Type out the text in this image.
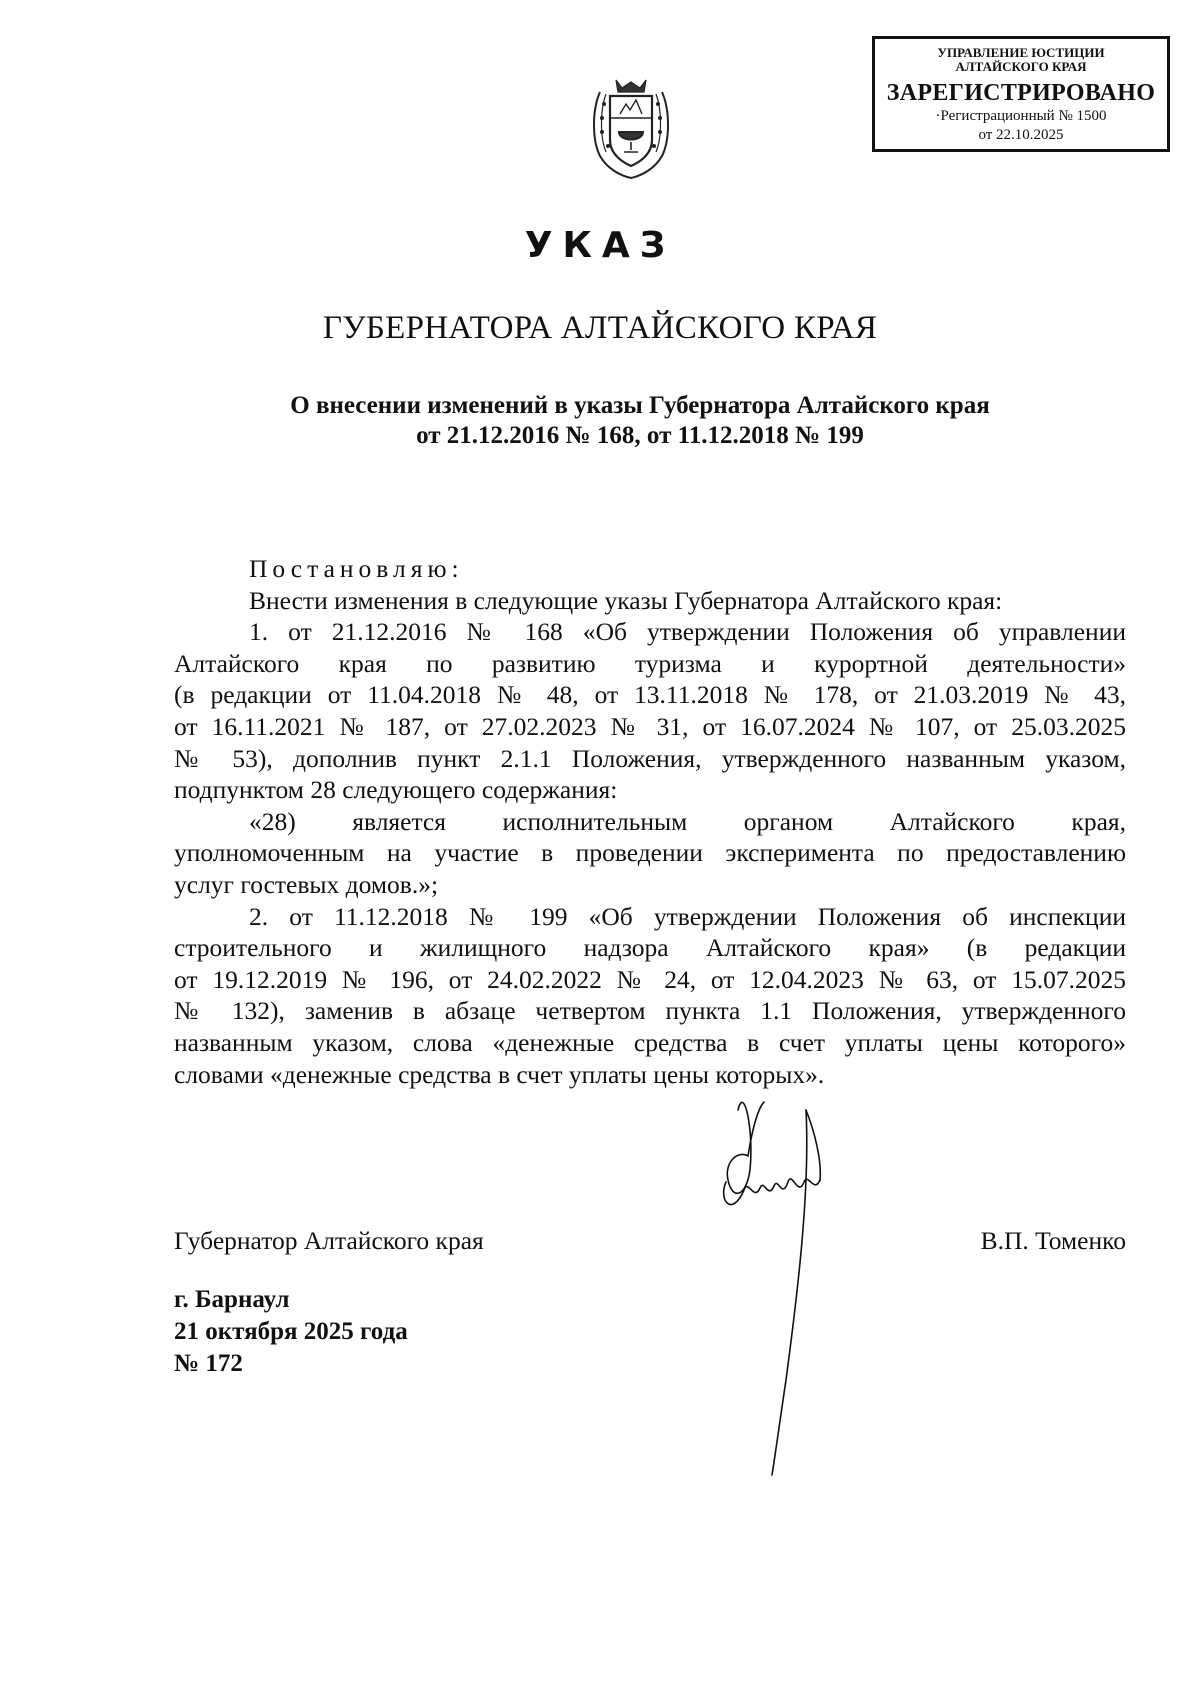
УПРАВЛЕНИЕ ЮСТИЦИИ
АЛТАЙСКОГО КРАЯ
ЗАРЕГИСТРИРОВАНО
·Регистрационный № 1500
от 22.10.2025
УКАЗ
ГУБЕРНАТОРА АЛТАЙСКОГО КРАЯ
О внесении изменений в указы Губернатора Алтайского края
от 21.12.2016 № 168, от 11.12.2018 № 199
Постановляю:
Внести изменения в следующие указы Губернатора Алтайского края:
1. от 21.12.2016 № 168 «Об утверждении Положения об управлении
Алтайского края по развитию туризма и курортной деятельности»
(в редакции от 11.04.2018 № 48, от 13.11.2018 № 178, от 21.03.2019 № 43,
от 16.11.2021 № 187, от 27.02.2023 № 31, от 16.07.2024 № 107, от 25.03.2025
№ 53), дополнив пункт 2.1.1 Положения, утвержденного названным указом,
подпунктом 28 следующего содержания:
«28) является исполнительным органом Алтайского края,
уполномоченным на участие в проведении эксперимента по предоставлению
услуг гостевых домов.»;
2. от 11.12.2018 № 199 «Об утверждении Положения об инспекции
строительного и жилищного надзора Алтайского края» (в редакции
от 19.12.2019 № 196, от 24.02.2022 № 24, от 12.04.2023 № 63, от 15.07.2025
№ 132), заменив в абзаце четвертом пункта 1.1 Положения, утвержденного
названным указом, слова «денежные средства в счет уплаты цены которого»
словами «денежные средства в счет уплаты цены которых».
Губернатор Алтайского края	В.П. Томенко
г. Барнаул
21 октября 2025 года
№ 172
